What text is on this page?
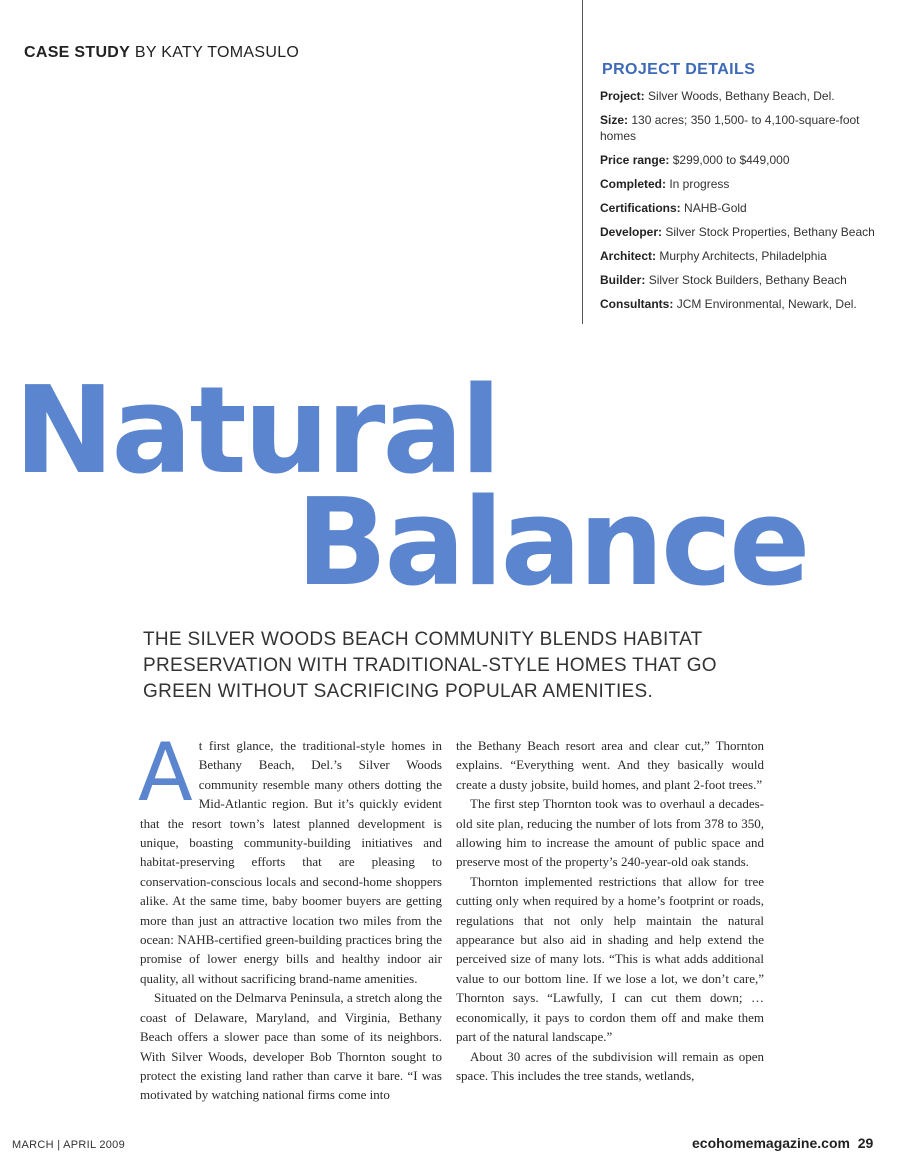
CASE STUDY BY KATY TOMASULO
PROJECT DETAILS
Project: Silver Woods, Bethany Beach, Del.
Size: 130 acres; 350 1,500- to 4,100-square-foot homes
Price range: $299,000 to $449,000
Completed: In progress
Certifications: NAHB-Gold
Developer: Silver Stock Properties, Bethany Beach
Architect: Murphy Architects, Philadelphia
Builder: Silver Stock Builders, Bethany Beach
Consultants: JCM Environmental, Newark, Del.
Natural
Balance
THE SILVER WOODS BEACH COMMUNITY BLENDS HABITAT PRESERVATION WITH TRADITIONAL-STYLE HOMES THAT GO GREEN WITHOUT SACRIFICING POPULAR AMENITIES.

At first glance, the traditional-style homes in Bethany Beach, Del.’s Silver Woods community resemble many others dotting the Mid-Atlantic region. But it’s quickly evident that the resort town’s latest planned development is unique, boasting community-building initiatives and habitat-preserving efforts that are pleasing to conservation-conscious locals and second-home shoppers alike. At the same time, baby boomer buyers are getting more than just an attractive location two miles from the ocean: NAHB-certified green-building practices bring the promise of lower energy bills and healthy indoor air quality, all without sacrificing brand-name amenities.

Situated on the Delmarva Peninsula, a stretch along the coast of Delaware, Maryland, and Virginia, Bethany Beach offers a slower pace than some of its neighbors. With Silver Woods, developer Bob Thornton sought to protect the existing land rather than carve it bare. “I was motivated by watching national firms come into

the Bethany Beach resort area and clear cut,” Thornton explains. “Everything went. And they basically would create a dusty jobsite, build homes, and plant 2-foot trees.”

The first step Thornton took was to overhaul a decades-old site plan, reducing the number of lots from 378 to 350, allowing him to increase the amount of public space and preserve most of the property’s 240-year-old oak stands.

Thornton implemented restrictions that allow for tree cutting only when required by a home’s footprint or roads, regulations that not only help maintain the natural appearance but also aid in shading and help extend the perceived size of many lots. “This is what adds additional value to our bottom line. If we lose a lot, we don’t care,” Thornton says. “Lawfully, I can cut them down; … economically, it pays to cordon them off and make them part of the natural landscape.”

About 30 acres of the subdivision will remain as open space. This includes the tree stands, wetlands,

MARCH | APRIL 2009	ecohomemagazine.com 29
